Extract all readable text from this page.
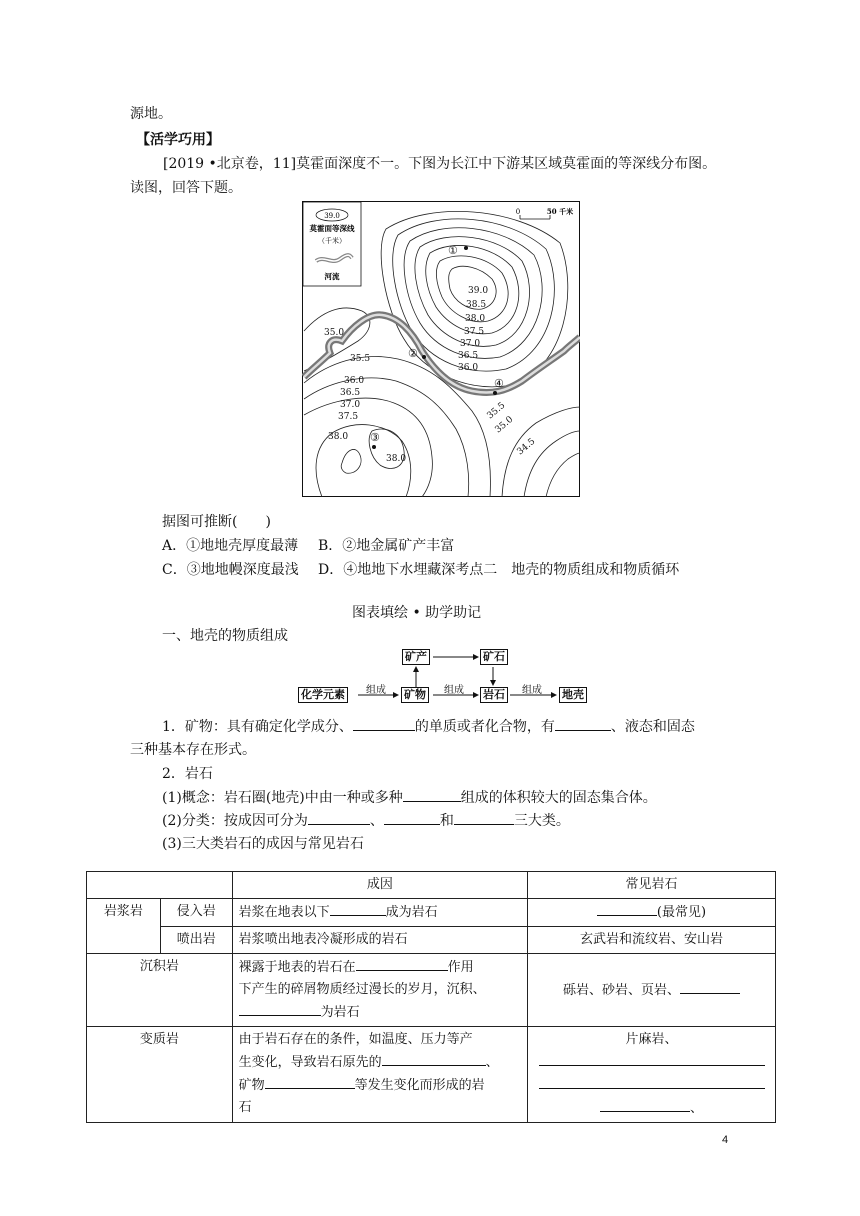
源地。
【活学巧用】
[2019 •北京卷，11]莫霍面深度不一。下图为长江中下游某区域莫霍面的等深线分布图。
读图，回答下题。
39.0
莫霍面等深线
（千米）
河流
0	50 千米
39.0
38.5
38.0
37.5
37.0
36.5
36.0
35.0
35.5
36.0
36.5
37.0
37.5
38.0
38.0
35.5
35.0
34.5
①
②
③
④
据图可推断(　　)
A．①地地壳厚度最薄 B．②地金属矿产丰富
C．③地地幔深度最浅 D．④地地下水埋藏深考点二　地壳的物质组成和物质循环
图表填绘 • 助学助记
一、地壳的物质组成
矿产	矿石
化学元素	矿物	岩石	地壳
组成	组成	组成
1．矿物：具有确定化学成分、	的单质或者化合物，有	、液态和固态
三种基本存在形式。
2．岩石
(1)概念：岩石圈(地壳)中由一种或多种	组成的体积较大的固态集合体。
(2)分类：按成因可分为	、	和	三大类。
(3)三大类岩石的成因与常见岩石
		成因	常见岩石
岩浆岩	侵入岩	岩浆在地表以下 成为岩石	(最常见)
	喷出岩	岩浆喷出地表冷凝形成的岩石	玄武岩和流纹岩、安山岩
沉积岩		裸露于地表的岩石在 作用
下产生的碎屑物质经过漫长的岁月，沉积、
为岩石	砾岩、砂岩、页岩、
变质岩		由于岩石存在的条件，如温度、压力等产
生变化，导致岩石原先的 、
矿物 等发生变化而形成的岩
石	片麻岩、

、
4
